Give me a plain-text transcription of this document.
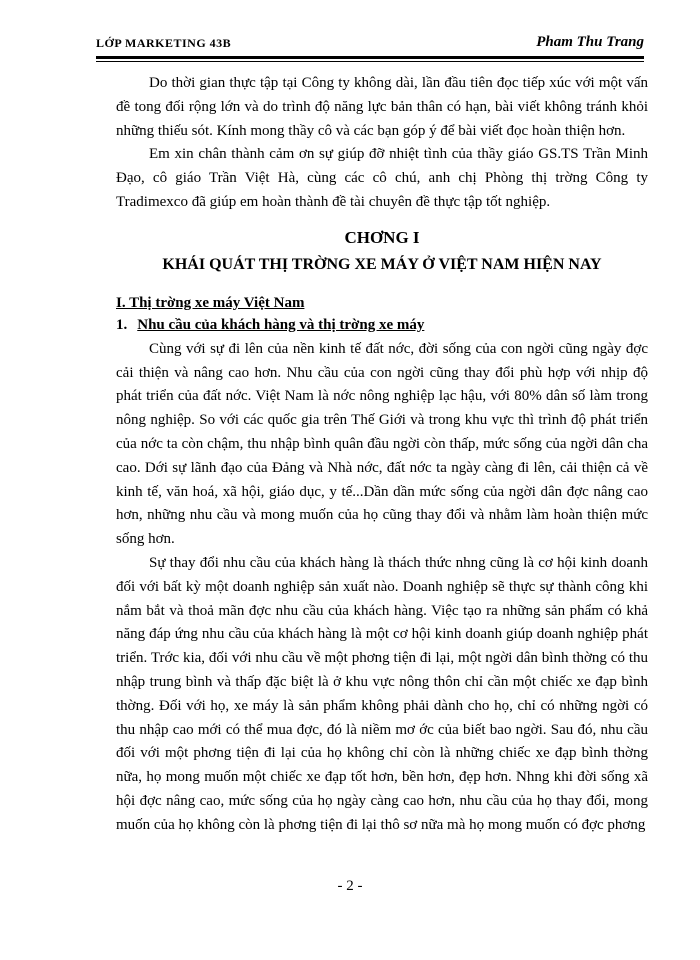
LỚP MARKETING 43B	Pham Thu Trang

Do thời gian thực tập tại Công ty không dài, lần đầu tiên đọc tiếp xúc với một vấn đề tong đối rộng lớn và do trình độ năng lực bản thân có hạn, bài viết không tránh khỏi những thiếu sót. Kính mong thầy cô và các bạn góp ý để bài viết đọc hoàn thiện hơn.

Em xin chân thành cảm ơn sự giúp đỡ nhiệt tình của thầy giáo GS.TS Trần Minh Đạo, cô giáo Trần Việt Hà, cùng các cô chú, anh chị Phòng thị trờng Công ty Tradimexco đã giúp em hoàn thành đề tài chuyên đề thực tập tốt nghiệp.

CHƠNG I
KHÁI QUÁT THỊ TRỜNG XE MÁY Ở VIỆT NAM HIỆN NAY
I. Thị trờng xe máy Việt Nam
1. Nhu cầu của khách hàng và thị trờng xe máy

Cùng với sự đi lên của nền kinh tế đất nớc, đời sống của con ngời cũng ngày đợc cải thiện và nâng cao hơn. Nhu cầu của con ngời cũng thay đổi phù hợp với nhịp độ phát triển của đất nớc. Việt Nam là nớc nông nghiệp lạc hậu, với 80% dân số làm trong nông nghiệp. So với các quốc gia trên Thế Giới và trong khu vực thì trình độ phát triển của nớc ta còn chậm, thu nhập bình quân đầu ngời còn thấp, mức sống của ngời dân cha cao. Dới sự lãnh đạo của Đảng và Nhà nớc, đất nớc ta ngày càng đi lên, cải thiện cả về kinh tế, văn hoá, xã hội, giáo dục, y tế...Dần dần mức sống của ngời dân đợc nâng cao hơn, những nhu cầu và mong muốn của họ cũng thay đổi và nhằm làm hoàn thiện mức sống hơn.

Sự thay đổi nhu cầu của khách hàng là thách thức nhng cũng là cơ hội kinh doanh đối với bất kỳ một doanh nghiệp sản xuất nào. Doanh nghiệp sẽ thực sự thành công khi nắm bắt và thoả mãn đợc nhu cầu của khách hàng. Việc tạo ra những sản phẩm có khả năng đáp ứng nhu cầu của khách hàng là một cơ hội kinh doanh giúp doanh nghiệp phát triển. Trớc kia, đối với nhu cầu về một phơng tiện đi lại, một ngời dân bình thờng có thu nhập trung bình và thấp đặc biệt là ở khu vực nông thôn chỉ cần một chiếc xe đạp bình thờng. Đối với họ, xe máy là sản phẩm không phải dành cho họ, chỉ có những ngời có thu nhập cao mới có thể mua đợc, đó là niềm mơ ớc của biết bao ngời. Sau đó, nhu cầu đối với một phơng tiện đi lại của họ không chỉ còn là những chiếc xe đạp bình thờng nữa, họ mong muốn một chiếc xe đạp tốt hơn, bền hơn, đẹp hơn. Nhng khi đời sống xã hội đợc nâng cao, mức sống của họ ngày càng cao hơn, nhu cầu của họ thay đổi, mong muốn của họ không còn là phơng tiện đi lại thô sơ nữa mà họ mong muốn có đợc phơng

- 2 -
